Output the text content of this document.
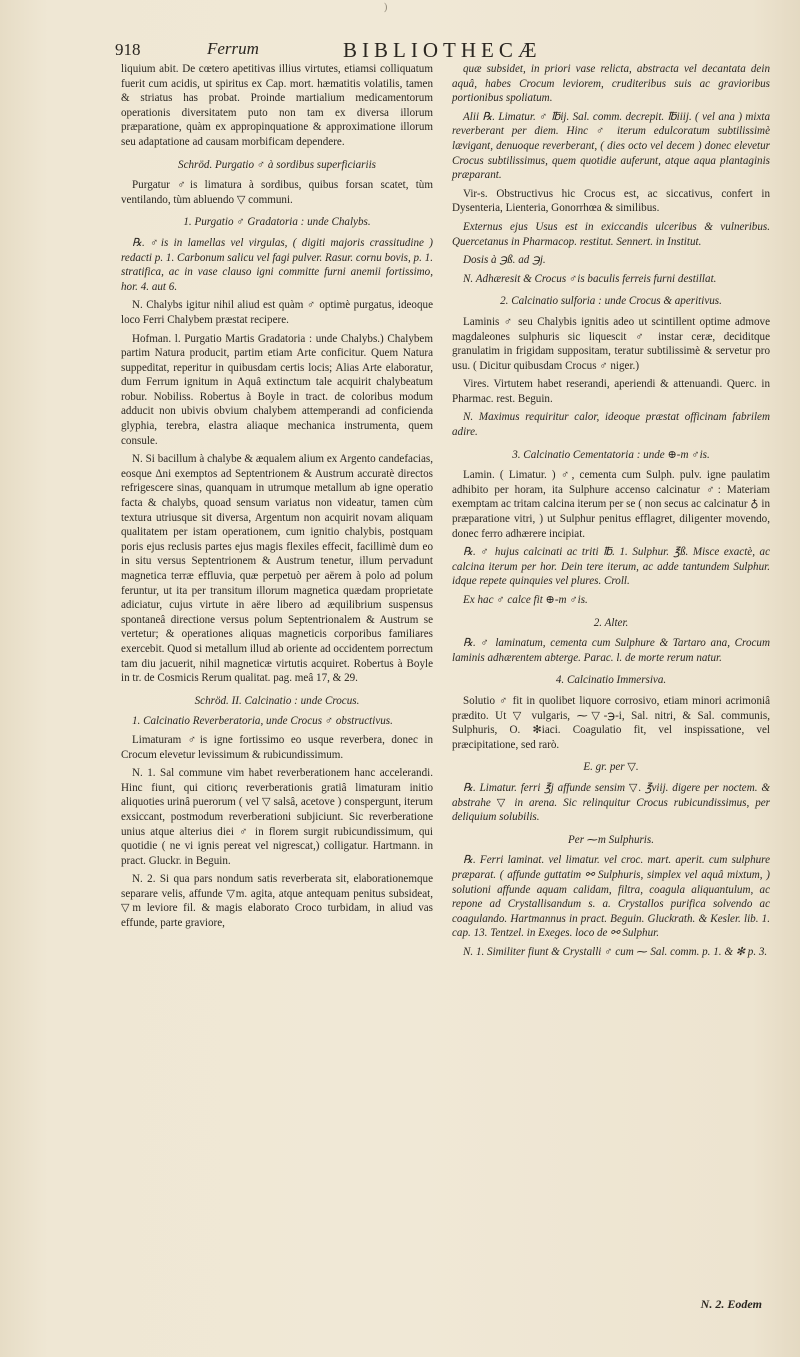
)
918	Ferrum	BIBLIOTHECÆ

liquium abit. De cœtero apetitivas illius virtutes, etiamsi colliquatum fuerit cum acidis, ut spiritus ex Cap. mort. hæmatitis volatilis, tamen & striatus has probat. Proinde martialium medicamentorum operationis diversitatem puto non tam ex diversa illorum præparatione, quàm ex appropinquatione & approximatione illorum seu adaptatione ad causam morbificam dependere.

Schröd. Purgatio ♂ à sordibus superficiariis

Purgatur ♂is limatura à sordibus, quibus forsan scatet, tùm ventilando, tùm abluendo ▽ communi.

1. Purgatio ♂ Gradatoria : unde Chalybs.

℞. ♂is in lamellas vel virgulas, ( digiti majoris crassitudine ) redacti p. 1. Carbonum salicu vel fagi pulver. Rasur. cornu bovis, p. 1. stratifica, ac in vase clauso igni committe furni anemii fortissimo, hor. 4. aut 6.

N. Chalybs igitur nihil aliud est quàm ♂ optimè purgatus, ideoque loco Ferri Chalybem præstat recipere.

Hofman. l. Purgatio Martis Gradatoria : unde Chalybs.) Chalybem partim Natura producit, partim etiam Arte conficitur. Quem Natura suppeditat, reperitur in quibusdam certis locis; Alias Arte elaboratur, dum Ferrum ignitum in Aquâ extinctum tale acquirit chalybeatum robur. Nobiliss. Robertus à Boyle in tract. de coloribus modum adducit non ubivis obvium chalybem attemperandi ad conficienda glyphia, terebra, elastra aliaque mechanica instrumenta, quem consule.

N. Si bacillum à chalybe & æqualem alium ex Argento candefacias, eosque Δni exemptos ad Septentrionem & Austrum accuratè directos refrigescere sinas, quanquam in utrumque metallum ab igne operatio facta & chalybs, quoad sensum variatus non videatur, tamen cùm textura utriusque sit diversa, Argentum non acquirit novam aliquam qualitatem per istam operationem, cum ignitio chalybis, postquam poris ejus reclusis partes ejus magis flexiles effecit, facillimè dum eo in situ versus Septentrionem & Austrum tenetur, illum pervadunt magnetica terræ effluvia, quæ perpetuò per aërem à polo ad polum feruntur, ut ita per transitum illorum magnetica quædam proprietate adiciatur, cujus virtute in aëre libero ad æquilibrium suspensus spontaneâ directione versus polum Septentrionalem & Austrum se vertetur; & operationes aliquas magneticis corporibus familiares exercebit. Quod si metallum illud ab oriente ad occidentem porrectum tam diu jacuerit, nihil magneticæ virtutis acquiret. Robertus à Boyle in tr. de Cosmicis Rerum qualitat. pag. meâ 17, & 29.

Schröd. II. Calcinatio : unde Crocus.

1. Calcinatio Reverberatoria, unde Crocus ♂ obstructivus.

Limaturam ♂is igne fortissimo eo usque reverbera, donec in Crocum elevetur levissimum & rubicundissimum.

N. 1. Sal commune vim habet reverberationem hanc accelerandi. Hinc fiunt, qui citiorις reverberationis gratiâ limaturam initio aliquoties urinâ puerorum ( vel ▽ salsâ, acetove ) conspergunt, iterum exsiccant, postmodum reverberationi subjiciunt. Sic reverberatione unius atque alterius diei ♂ in florem surgit rubicundissimum, qui quotidie ( ne vi ignis pereat vel nigrescat,) colligatur. Hartmann. in pract. Gluckr. in Beguin.

N. 2. Si qua pars nondum satis reverberata sit, elaborationemque separare velis, affunde ▽m. agita, atque antequam penitus subsideat, ▽m leviore fil. & magis elaborato Croco turbidam, in aliud vas effunde, parte graviore,

quæ subsidet, in priori vase relicta, abstracta vel decantata dein aquâ, habes Crocum leviorem, cruditeribus suis ac gravioribus portionibus spoliatum.

Alii ℞. Limatur. ♂ ℔ij. Sal. comm. decrepit. ℔iiij. ( vel ana ) mixta reverberant per diem. Hinc ♂ iterum edulcoratum subtilissimè lævigant, denuoque reverberant, ( dies octo vel decem ) donec elevetur Crocus subtilissimus, quem quotidie auferunt, atque aqua plantaginis præparant.

Vir-s. Obstructivus hic Crocus est, ac siccativus, confert in Dysenteria, Lienteria, Gonorrhœa & similibus.

Externus ejus Usus est in exiccandis ulceribus & vulneribus. Quercetanus in Pharmacop. restitut. Sennert. in Institut.

Dosis à ℈ß. ad ℈j.

N. Adhæresit & Crocus ♂is baculis ferreis furni destillat.

2. Calcinatio sulforia : unde Crocus & aperitivus.

Laminis ♂ seu Chalybis ignitis adeo ut scintillent optime admove magdaleones sulphuris sic liquescit ♂ instar ceræ, deciditque granulatim in frigidam suppositam, teratur subtilissimè & servetur pro usu. ( Dicitur quibusdam Crocus ♂ niger.)

Vires. Virtutem habet reserandi, aperiendi & attenuandi. Querc. in Pharmac. rest. Beguin.

N. Maximus requiritur calor, ideoque præstat officinam fabrilem adire.

3. Calcinatio Cementatoria : unde ⊕-m ♂is.

Lamin. ( Limatur. ) ♂, cementa cum Sulph. pulv. igne paulatim adhibito per horam, ita Sulphure accenso calcinatur ♂: Materiam exemptam ac tritam calcina iterum per se ( non secus ac calcinatur ♁ in præparatione vitri, ) ut Sulphur penitus efflagret, diligenter movendo, donec ferro adhærere incipiat.

℞. ♂ hujus calcinati ac triti ℔. 1. Sulphur. ℥ß. Misce exactè, ac calcina iterum per hor. Dein tere iterum, ac adde tantundem Sulphur. idque repete quinquies vel plures. Croll.

Ex hac ♂ calce fit ⊕-m ♂is.

2. Alter.

℞. ♂ laminatum, cementa cum Sulphure & Tartaro ana, Crocum laminis adhærentem abterge. Parac. l. de morte rerum natur.

4. Calcinatio Immersiva.

Solutio ♂ fit in quolibet liquore corrosivo, etiam minori acrimoniâ prædito. Ut ▽ vulgaris, ⁓▽-℈-i, Sal. nitri, & Sal. communis, Sulphuris, O. ✻iaci. Coagulatio fit, vel inspissatione, vel præcipitatione, sed rarò.

E. gr. per ▽.

℞. Limatur. ferri ℥j affunde sensim ▽. ℥viij. digere per noctem. & abstrahe ▽ in arena. Sic relinquitur Crocus rubicundissimus, per deliquium solubilis.

Per ⁓m Sulphuris.

℞. Ferri laminat. vel limatur. vel croc. mart. aperit. cum sulphure præparat. ( affunde guttatim ⚯ Sulphuris, simplex vel aquâ mixtum, ) solutioni affunde aquam calidam, filtra, coagula aliquantulum, ac repone ad Crystallisandum s. a. Crystallos purifica solvendo ac coagulando. Hartmannus in pract. Beguin. Gluckrath. & Kesler. lib. 1. cap. 13. Tentzel. in Exeges. loco de ⚯ Sulphur.

N. 1. Similiter fiunt & Crystalli ♂ cum ⁓ Sal. comm. p. 1. & ✻ p. 3.

N. 2. Eodem
